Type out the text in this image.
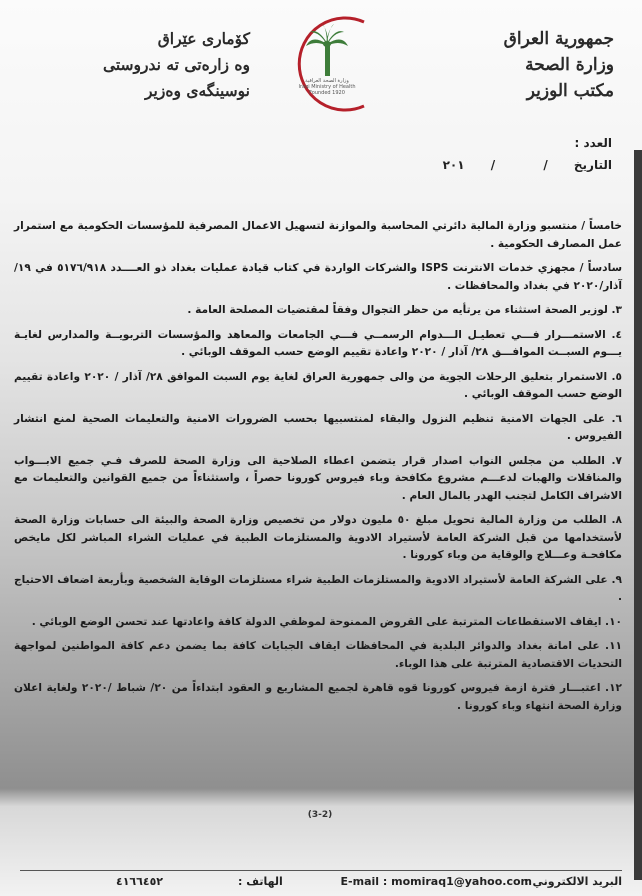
جمهورية العراق
وزارة الصحة
مكتب الوزير
كۆماری عێراق
وه زارەتی تە ندروستی
نوسینگەی وەزیر	وزارة الصحة العراقية
Iraqi Ministry of Health
Founded 1920
العدد :
التاريخ / / ٢٠١

خامساً / منتسبو وزارة المالية دائرتي المحاسبة والموازنة لتسهيل الاعمال المصرفية للمؤسسات الحكومية مع استمرار عمل المصارف الحكومية .

سادساً / مجهزي خدمات الانترنت ISPS والشركات الواردة في كتاب قيادة عمليات بغداد ذو العــــدد ٥١٧٦/٩١٨ في ١٩/آذار/٢٠٢٠ في بغداد والمحافظات .

٣. لوزير الصحة استثناء من يرتأيه من حظر التجوال وفقاً لمقتضيات المصلحة العامة .

٤. الاستمـــرار فـــي تعطيـل الـــدوام الرسمــي فـــي الجامعات والمعاهد والمؤسسات التربويــة والمدارس لغايـة يـــوم السبــت الموافـــق ٢٨/ آذار / ٢٠٢٠ واعادة تقييم الوضع حسب الموقف الوبائي .

٥. الاستمرار بتعليق الرحلات الجوية من والى جمهورية العراق لغاية يوم السبت الموافق ٢٨/ آذار / ٢٠٢٠ واعادة تقييم الوضع حسب الموقف الوبائي .

٦. على الجهات الامنية تنظيم النزول والبقاء لمنتسبيها بحسب الضرورات الامنية والتعليمات الصحية لمنع انتشار الفيروس .

٧. الطلب من مجلس النواب اصدار قرار يتضمن اعطاء الصلاحية الى وزارة الصحة للصرف فـي جميع الابـــواب والمناقلات والهبات لدعـــم مشروع مكافحة وباء فيروس كورونا حصراً ، واستثناءاً من جميع القوانين والتعليمات مع الاشراف الكامل لتجنب الهدر بالمال العام .

٨. الطلب من وزارة المالية تحويل مبلغ ٥٠ مليون دولار من تخصيص وزارة الصحة والبيئة الى حسابات وزارة الصحة لأستخدامها من قبل الشركة العامة لأستيراد الادوية والمستلزمات الطبية في عمليات الشراء المباشر لكل مايخص مكافحـة وعـــلاج والوقاية من وباء كورونا .

٩. على الشركة العامة لأستيراد الادوية والمستلزمات الطبية شراء مستلزمات الوقاية الشخصية وبأربعة اضعاف الاحتياج .

١٠. ايقاف الاستقطاعات المترتبة على القروض الممنوحة لموظفي الدولة كافة واعادتها عند تحسن الوضع الوبائي .

١١. على امانة بغداد والدوائر البلدية في المحافظات ايقاف الجبايات كافة بما يضمن دعم كافة المواطنين لمواجهة التحديات الاقتصادية المترتبة على هذا الوباء.

١٢. اعتبـــار فترة ازمة فيروس كورونا قوه قاهرة لجميع المشاريع و العقود ابتداءاً من ٢٠/ شباط /٢٠٢٠ ولغاية اعلان وزارة الصحة انتهاء وباء كورونا .

(3-2)
البريد الالكتروني :
E-mail : momiraq1@yahoo.com
الهاتف :
٤١٦٦٤٥٢
